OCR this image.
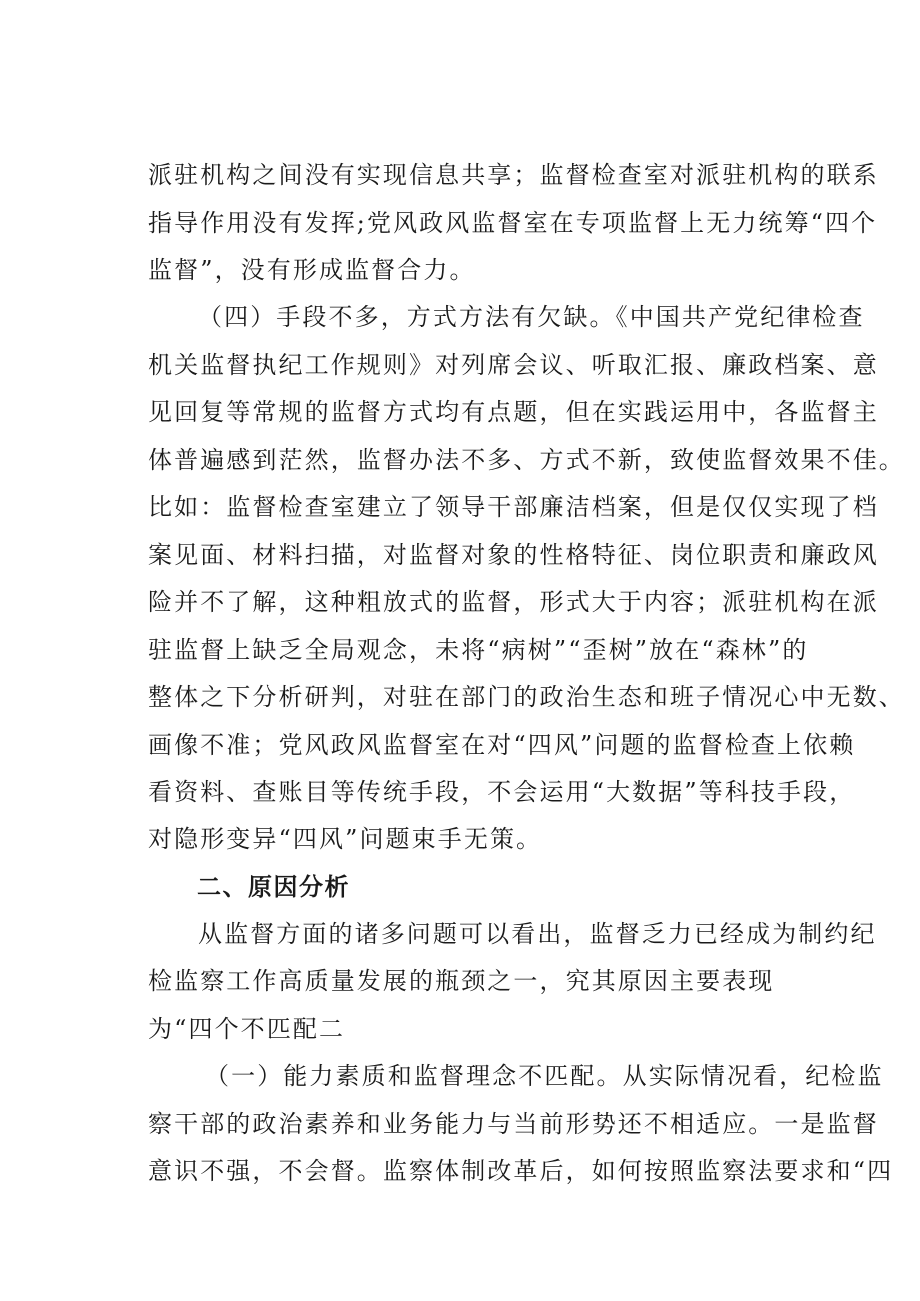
派驻机构之间没有实现信息共享；监督检查室对派驻机构的联系
指导作用没有发挥;党风政风监督室在专项监督上无力统筹“四个
监督”，没有形成监督合力。
（四）手段不多，方式方法有欠缺。《中国共产党纪律检查
机关监督执纪工作规则》对列席会议、听取汇报、廉政档案、意
见回复等常规的监督方式均有点题，但在实践运用中，各监督主
体普遍感到茫然，监督办法不多、方式不新，致使监督效果不佳。
比如：监督检查室建立了领导干部廉洁档案，但是仅仅实现了档
案见面、材料扫描，对监督对象的性格特征、岗位职责和廉政风
险并不了解，这种粗放式的监督，形式大于内容；派驻机构在派
驻监督上缺乏全局观念，未将“病树”“歪树”放在“森林”的
整体之下分析研判，对驻在部门的政治生态和班子情况心中无数、
画像不准；党风政风监督室在对“四风”问题的监督检查上依赖
看资料、查账目等传统手段，不会运用“大数据”等科技手段，
对隐形变异“四风”问题束手无策。
二、原因分析
从监督方面的诸多问题可以看出，监督乏力已经成为制约纪
检监察工作高质量发展的瓶颈之一，究其原因主要表现
为“四个不匹配二
（一）能力素质和监督理念不匹配。从实际情况看，纪检监
察干部的政治素养和业务能力与当前形势还不相适应。一是监督
意识不强，不会督。监察体制改革后，如何按照监察法要求和“四
